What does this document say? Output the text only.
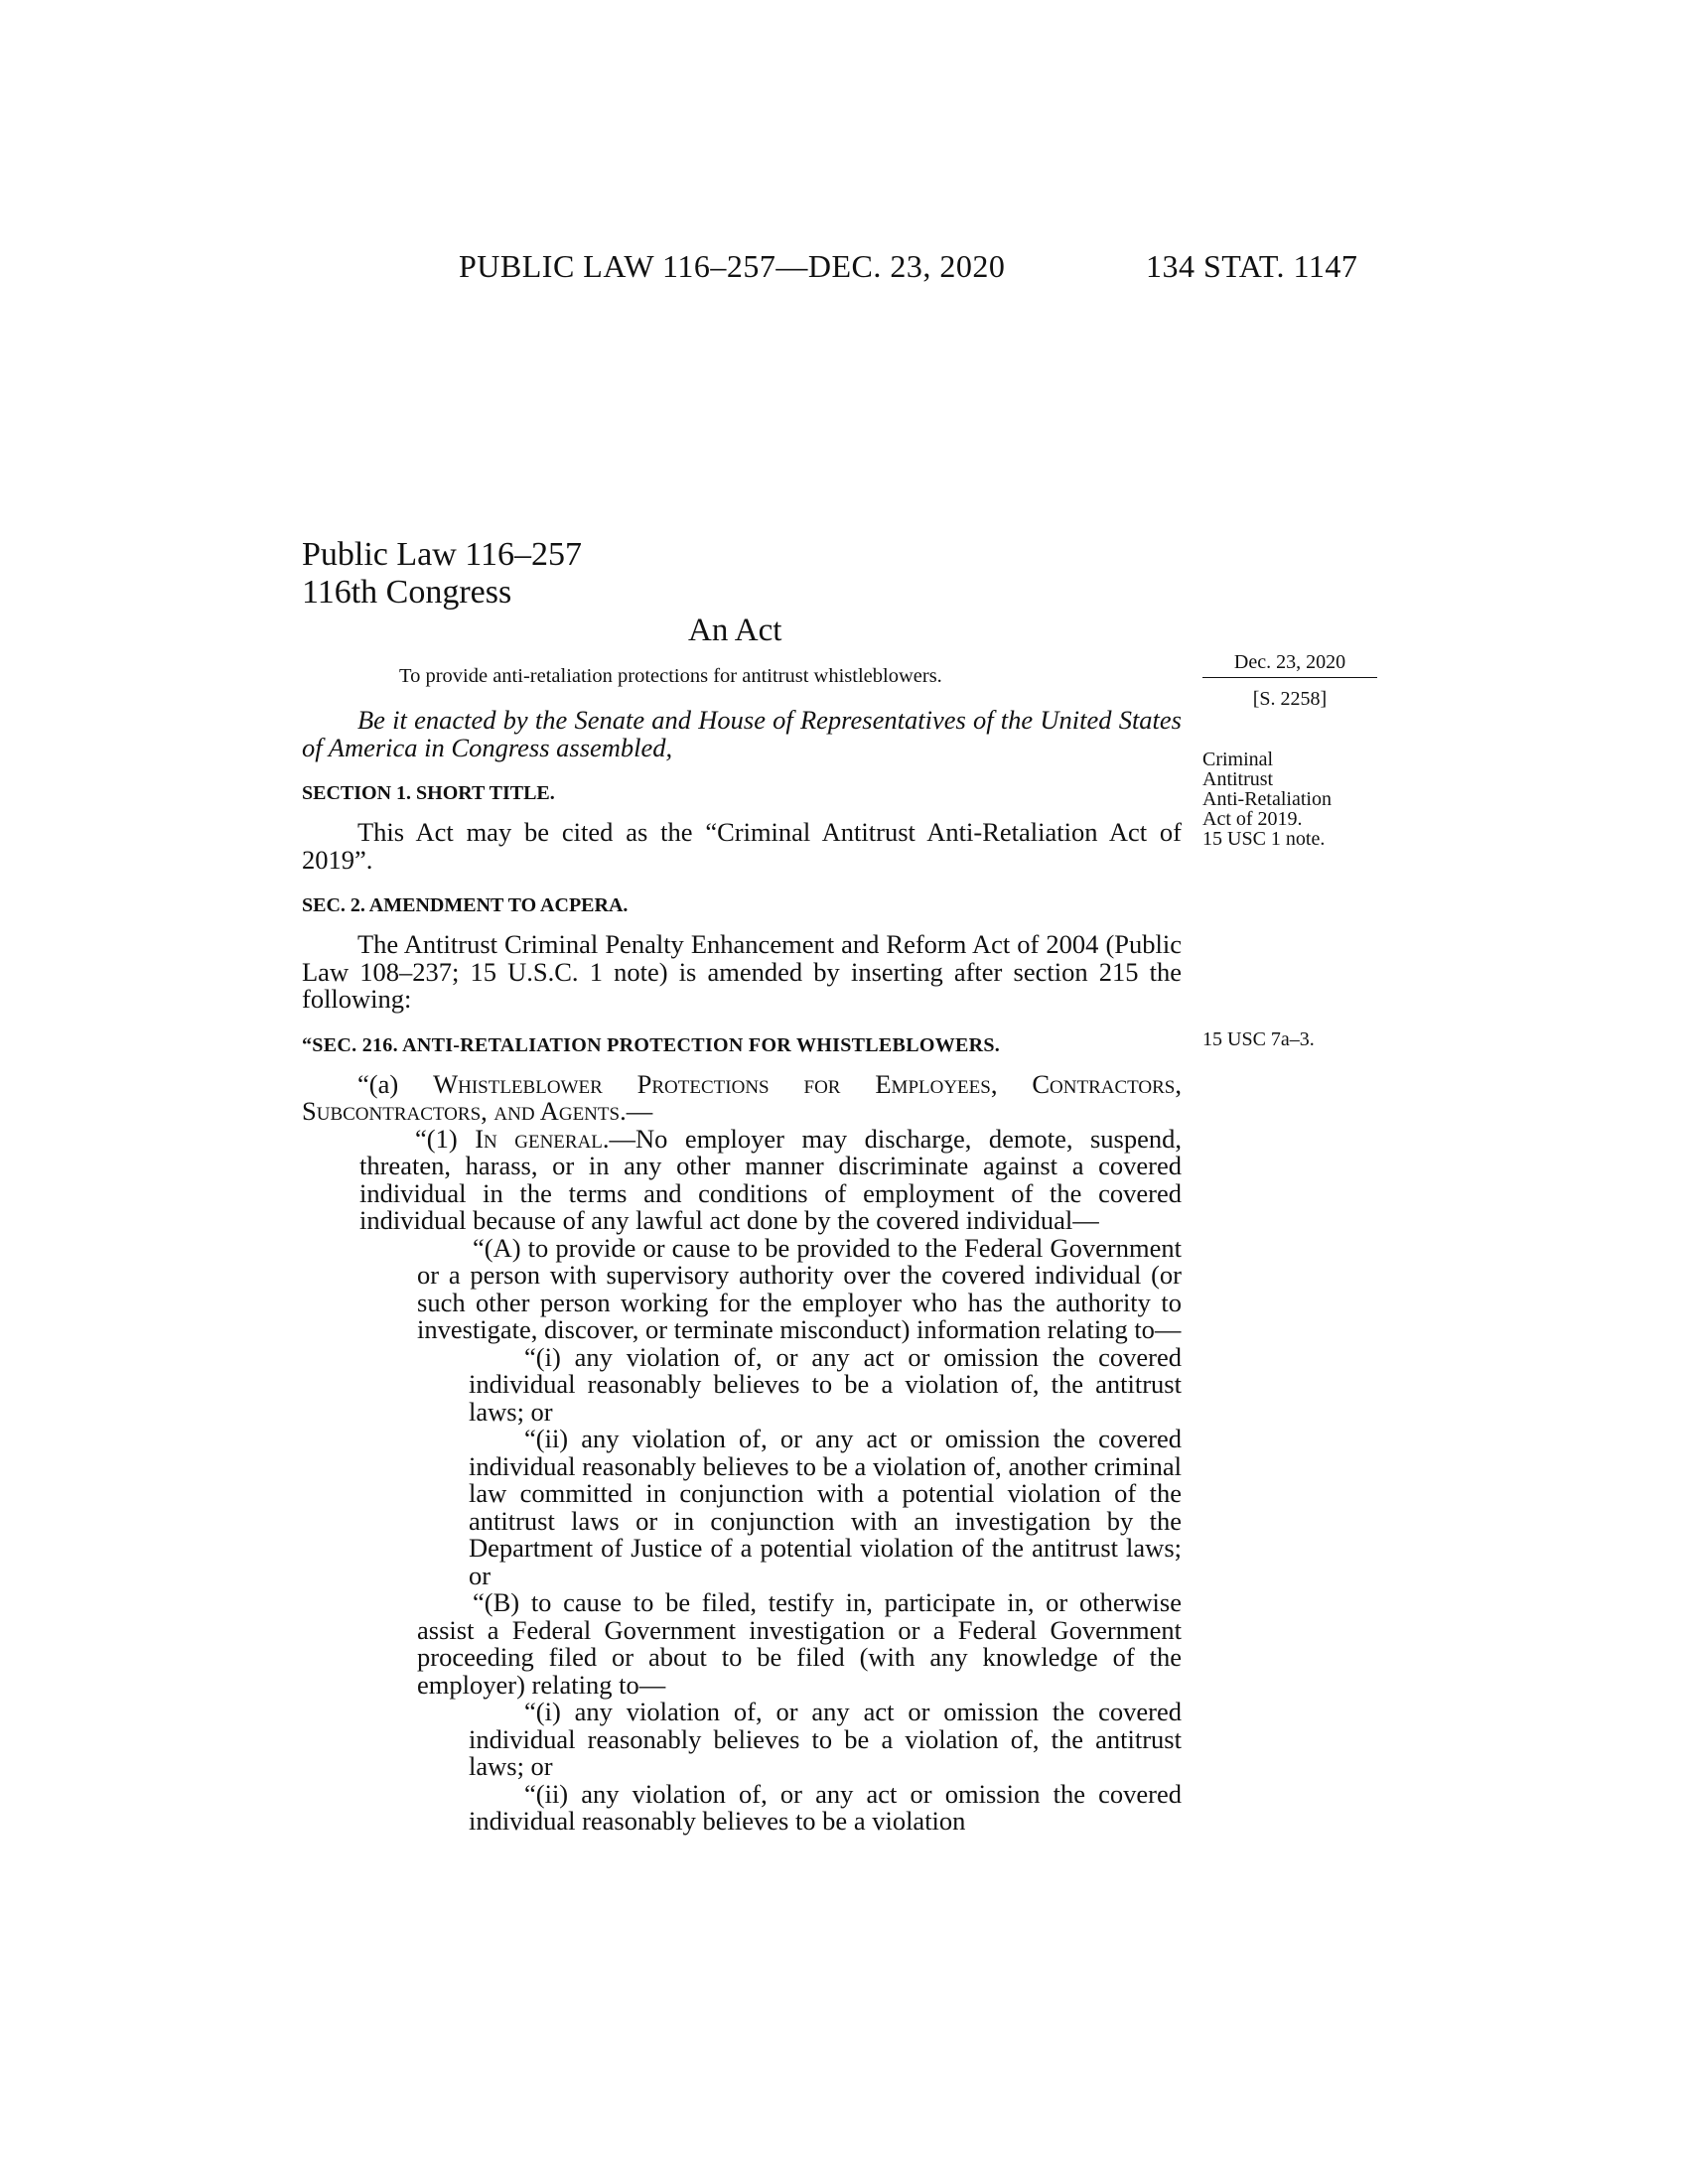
PUBLIC LAW 116–257—DEC. 23, 2020	134 STAT. 1147
Public Law 116–257
116th Congress
An Act
To provide anti-retaliation protections for antitrust whistleblowers.
Dec. 23, 2020
[S. 2258]
Criminal
Antitrust
Anti-Retaliation
Act of 2019.
15 USC 1 note.
15 USC 7a–3.

Be it enacted by the Senate and House of Representatives of the United States of America in Congress assembled,

SECTION 1. SHORT TITLE.

This Act may be cited as the “Criminal Antitrust Anti-Retaliation Act of 2019”.

SEC. 2. AMENDMENT TO ACPERA.

The Antitrust Criminal Penalty Enhancement and Reform Act of 2004 (Public Law 108–237; 15 U.S.C. 1 note) is amended by inserting after section 215 the following:

“SEC. 216. ANTI-RETALIATION PROTECTION FOR WHISTLEBLOWERS.

“(a) Whistleblower Protections for Employees, Contractors, Subcontractors, and Agents.—

“(1) In general.—No employer may discharge, demote, suspend, threaten, harass, or in any other manner discriminate against a covered individual in the terms and conditions of employment of the covered individual because of any lawful act done by the covered individual—

“(A) to provide or cause to be provided to the Federal Government or a person with supervisory authority over the covered individual (or such other person working for the employer who has the authority to investigate, discover, or terminate misconduct) information relating to—

“(i) any violation of, or any act or omission the covered individual reasonably believes to be a violation of, the antitrust laws; or

“(ii) any violation of, or any act or omission the covered individual reasonably believes to be a violation of, another criminal law committed in conjunction with a potential violation of the antitrust laws or in conjunction with an investigation by the Department of Justice of a potential violation of the antitrust laws; or

“(B) to cause to be filed, testify in, participate in, or otherwise assist a Federal Government investigation or a Federal Government proceeding filed or about to be filed (with any knowledge of the employer) relating to—

“(i) any violation of, or any act or omission the covered individual reasonably believes to be a violation of, the antitrust laws; or

“(ii) any violation of, or any act or omission the covered individual reasonably believes to be a violation
